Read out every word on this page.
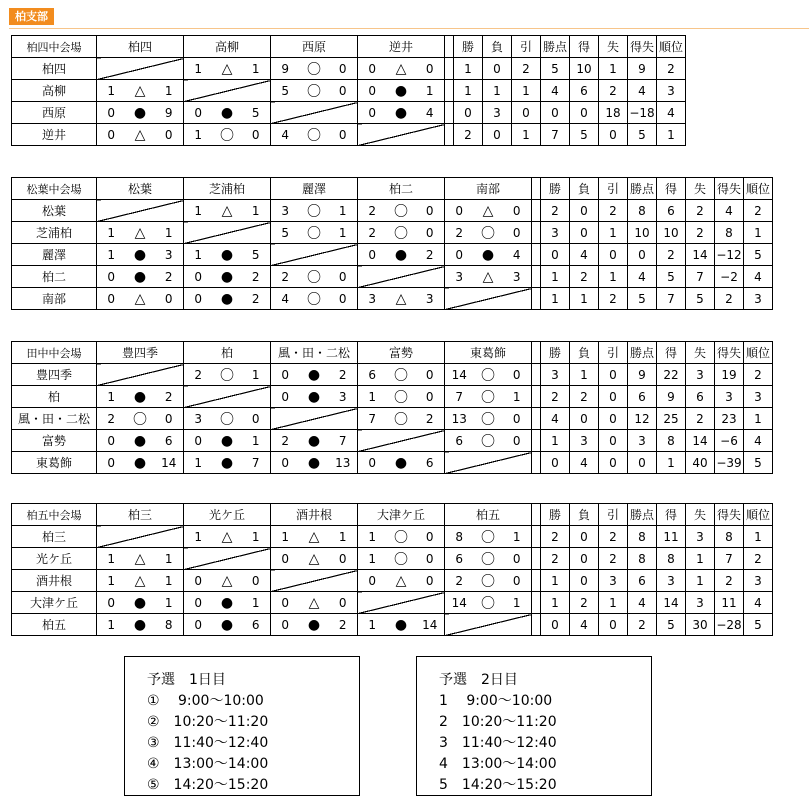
柏支部
柏四中会場	柏四			高柳			西原			逆井				勝	負	引	勝点	得	失	得失	順位
柏四				1	△	1	9	〇	0	0	△	0		1	0	2	5	10	1	9	2
高柳	1	△	1				5	〇	0	0	●	1		1	1	1	4	6	2	4	3
西原	0	●	9	0	●	5				0	●	4		0	3	0	0	0	18	−18	4
逆井	0	△	0	1	〇	0	4	〇	0					2	0	1	7	5	0	5	1
松葉中会場	松葉			芝浦柏			麗澤			柏二			南部				勝	負	引	勝点	得	失	得失	順位
松葉				1	△	1	3	〇	1	2	〇	0	0	△	0		2	0	2	8	6	2	4	2
芝浦柏	1	△	1				5	〇	1	2	〇	0	2	〇	0		3	0	1	10	10	2	8	1
麗澤	1	●	3	1	●	5				0	●	2	0	●	4		0	4	0	0	2	14	−12	5
柏二	0	●	2	0	●	2	2	〇	0				3	△	3		1	2	1	4	5	7	−2	4
南部	0	△	0	0	●	2	4	〇	0	3	△	3					1	1	2	5	7	5	2	3
田中中会場	豊四季			柏			風・田・二松			富勢			東葛飾				勝	負	引	勝点	得	失	得失	順位
豊四季				2	〇	1	0	●	2	6	〇	0	14	〇	0		3	1	0	9	22	3	19	2
柏	1	●	2				0	●	3	1	〇	0	7	〇	1		2	2	0	6	9	6	3	3
風・田・二松	2	〇	0	3	〇	0				7	〇	2	13	〇	0		4	0	0	12	25	2	23	1
富勢	0	●	6	0	●	1	2	●	7				6	〇	0		1	3	0	3	8	14	−6	4
東葛飾	0	●	14	1	●	7	0	●	13	0	●	6					0	4	0	0	1	40	−39	5
柏五中会場	柏三			光ケ丘			酒井根			大津ケ丘			柏五				勝	負	引	勝点	得	失	得失	順位
柏三				1	△	1	1	△	1	1	〇	0	8	〇	1		2	0	2	8	11	3	8	1
光ケ丘	1	△	1				0	△	0	1	〇	0	6	〇	0		2	0	2	8	8	1	7	2
酒井根	1	△	1	0	△	0				0	△	0	2	〇	0		1	0	3	6	3	1	2	3
大津ケ丘	0	●	1	0	●	1	0	△	0				14	〇	1		1	2	1	4	14	3	11	4
柏五	1	●	8	0	●	6	0	●	2	1	●	14					0	4	0	2	5	30	−28	5
予選　1日目
①　 9:00〜10:00
②　10:20〜11:20
③　11:40〜12:40
④　13:00〜14:00
⑤　14:20〜15:20
予選　2日目
1　 9:00〜10:00
2　10:20〜11:20
3　11:40〜12:40
4　13:00〜14:00
5　14:20〜15:20
